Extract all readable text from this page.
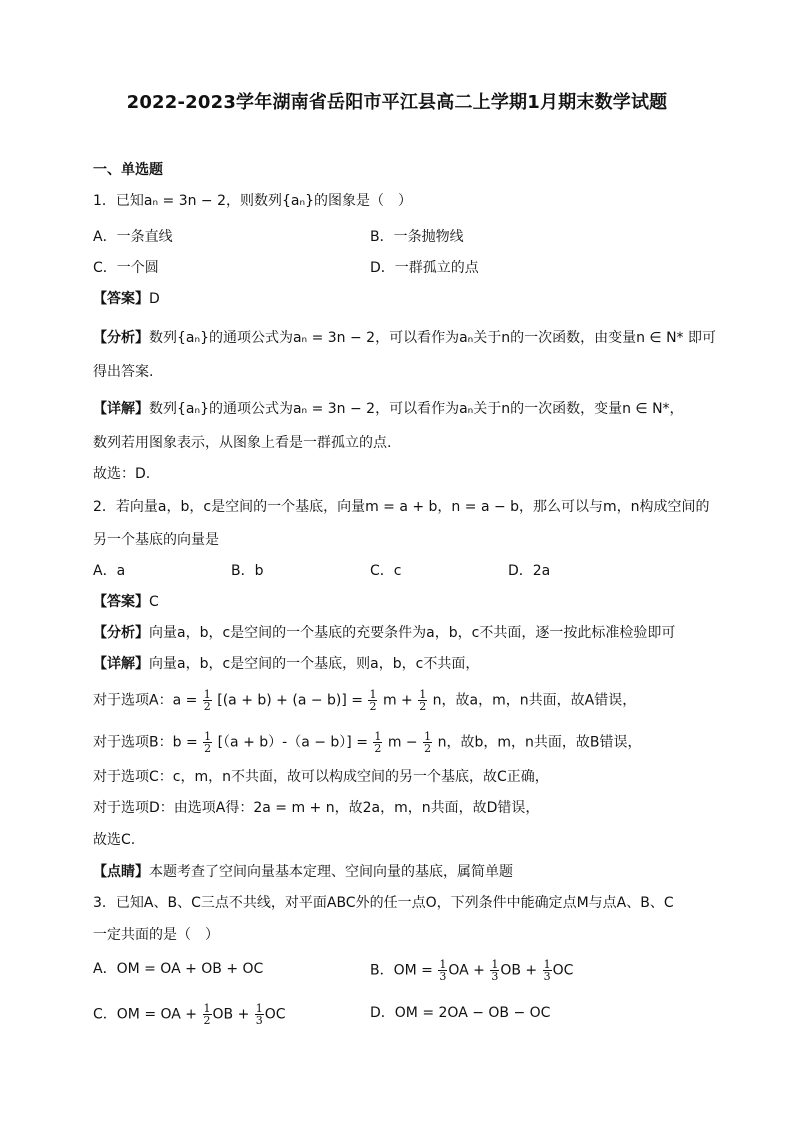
2022-2023学年湖南省岳阳市平江县高二上学期1月期末数学试题
一、单选题
1．已知aₙ = 3n − 2，则数列{aₙ}的图象是（　）
A．一条直线	B．一条抛物线
C．一个圆	D．一群孤立的点
【答案】D
【分析】数列{aₙ}的通项公式为aₙ = 3n − 2，可以看作为aₙ关于n的一次函数，由变量n ∈ N* 即可
得出答案.
【详解】数列{aₙ}的通项公式为aₙ = 3n − 2，可以看作为aₙ关于n的一次函数，变量n ∈ N*，
数列若用图象表示，从图象上看是一群孤立的点.
故选：D.
2．若向量a，b，c是空间的一个基底，向量m = a + b，n = a − b，那么可以与m，n构成空间的
另一个基底的向量是
A．a	B．b	C．c	D．2a
【答案】C
【分析】向量a，b，c是空间的一个基底的充要条件为a，b，c不共面，逐一按此标准检验即可
【详解】向量a，b，c是空间的一个基底，则a，b，c不共面，
对于选项A：$a = \frac{1}{2} [(a + b) + (a - b)] = \frac{1}{2}$ $m + \frac{1}{2}$ n，故a，m，n共面，故A错误，
对于选项B：$b = \frac{1}{2} [(a + b)-(a - b)] = \frac{1}{2}$ $m - \frac{1}{2}$ n，故b，m，n共面，故B错误，
对于选项C：c，m，n不共面，故可以构成空间的另一个基底，故C正确，
对于选项D：由选项A得：2a = m + n，故2a，m，n共面，故D错误，
故选C.
【点睛】本题考查了空间向量基本定理、空间向量的基底，属简单题
3．已知A、B、C三点不共线，对平面ABC外的任一点O，下列条件中能确定点M与点A、B、C
一定共面的是（　）
A．OM = OA + OB + OC	B．OM = $\frac{1}{3}$ OA + $\frac{1}{3}$ OB + $\frac{1}{3}$ OC
C．OM = OA + $\frac{1}{2}$ OB + $\frac{1}{3}$ OC	D．OM = 2OA − OB − OC
